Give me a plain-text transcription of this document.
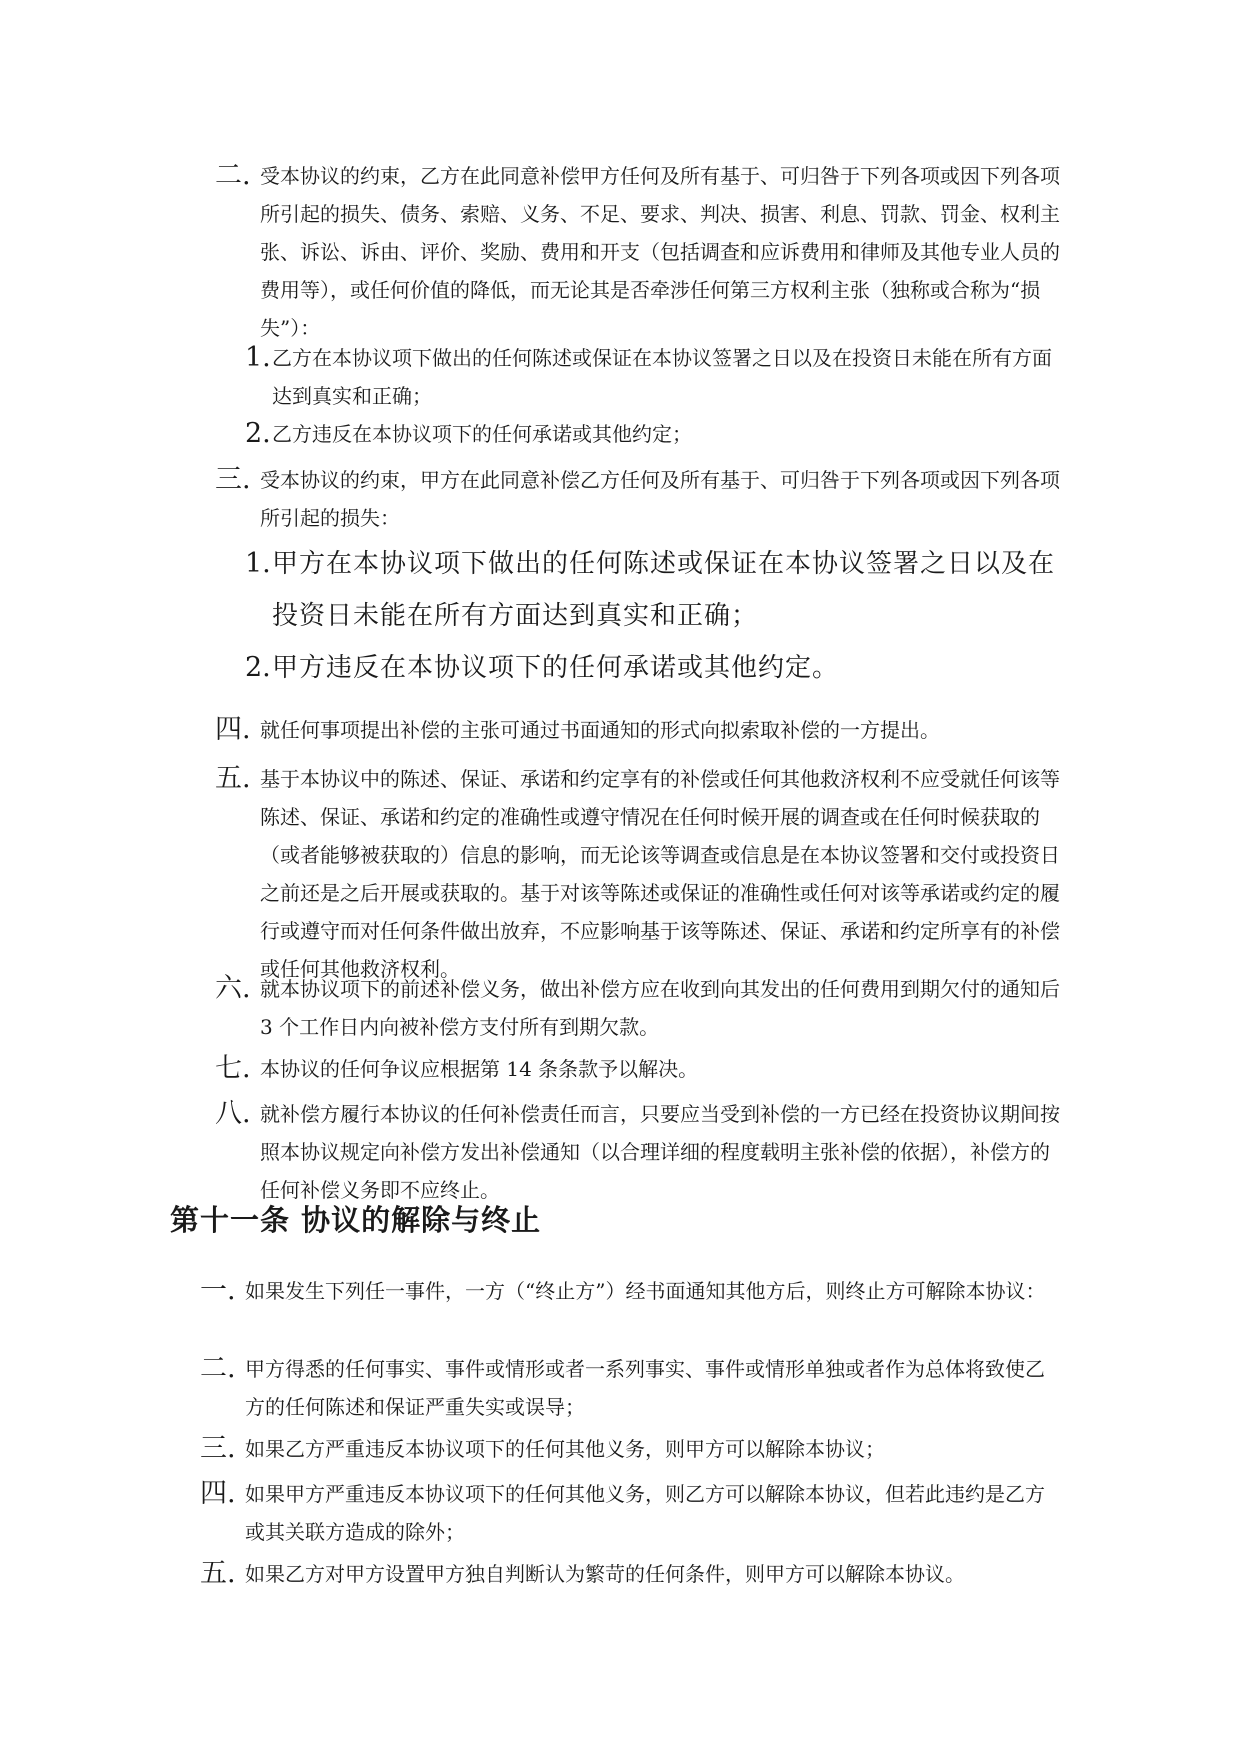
二. 受本协议的约束，乙方在此同意补偿甲方任何及所有基于、可归咎于下列各项或因下列各项所引起的损失、债务、索赔、义务、不足、要求、判决、损害、利息、罚款、罚金、权利主张、诉讼、诉由、评价、奖励、费用和开支（包括调查和应诉费用和律师及其他专业人员的费用等），或任何价值的降低，而无论其是否牵涉任何第三方权利主张（独称或合称为“损失”）：

1. 乙方在本协议项下做出的任何陈述或保证在本协议签署之日以及在投资日未能在所有方面达到真实和正确；

2. 乙方违反在本协议项下的任何承诺或其他约定；

三. 受本协议的约束，甲方在此同意补偿乙方任何及所有基于、可归咎于下列各项或因下列各项所引起的损失：

1. 甲方在本协议项下做出的任何陈述或保证在本协议签署之日以及在投资日未能在所有方面达到真实和正确；

2. 甲方违反在本协议项下的任何承诺或其他约定。

四. 就任何事项提出补偿的主张可通过书面通知的形式向拟索取补偿的一方提出。

五. 基于本协议中的陈述、保证、承诺和约定享有的补偿或任何其他救济权利不应受就任何该等陈述、保证、承诺和约定的准确性或遵守情况在任何时候开展的调查或在任何时候获取的（或者能够被获取的）信息的影响，而无论该等调查或信息是在本协议签署和交付或投资日之前还是之后开展或获取的。基于对该等陈述或保证的准确性或任何对该等承诺或约定的履行或遵守而对任何条件做出放弃，不应影响基于该等陈述、保证、承诺和约定所享有的补偿或任何其他救济权利。

六. 就本协议项下的前述补偿义务，做出补偿方应在收到向其发出的任何费用到期欠付的通知后 3 个工作日内向被补偿方支付所有到期欠款。

七. 本协议的任何争议应根据第 14 条条款予以解决。

八. 就补偿方履行本协议的任何补偿责任而言，只要应当受到补偿的一方已经在投资协议期间按照本协议规定向补偿方发出补偿通知（以合理详细的程度载明主张补偿的依据），补偿方的任何补偿义务即不应终止。

第十一条 协议的解除与终止
一. 如果发生下列任一事件，一方（“终止方”）经书面通知其他方后，则终止方可解除本协议：

二. 甲方得悉的任何事实、事件或情形或者一系列事实、事件或情形单独或者作为总体将致使乙方的任何陈述和保证严重失实或误导；

三. 如果乙方严重违反本协议项下的任何其他义务，则甲方可以解除本协议；

四. 如果甲方严重违反本协议项下的任何其他义务，则乙方可以解除本协议，但若此违约是乙方或其关联方造成的除外；

五. 如果乙方对甲方设置甲方独自判断认为繁苛的任何条件，则甲方可以解除本协议。
